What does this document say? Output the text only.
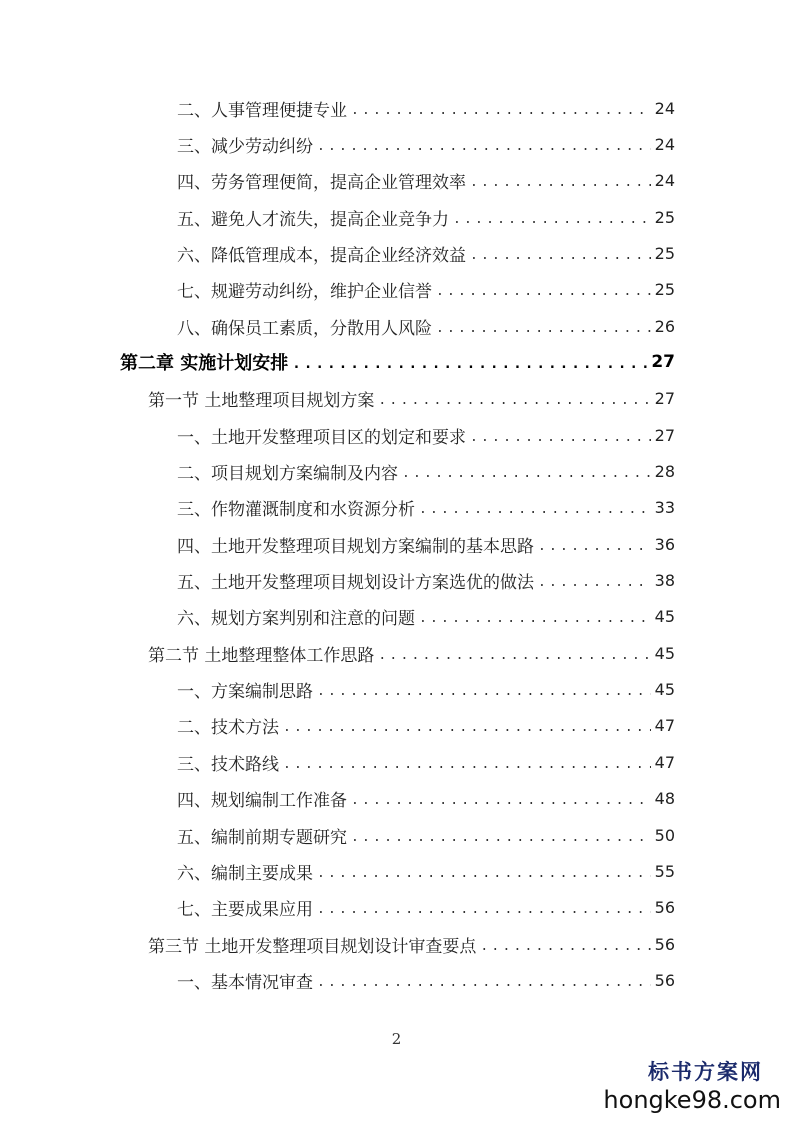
二、人事管理便捷专业 .....	24
三、减少劳动纠纷 .....	24
四、劳务管理便简，提高企业管理效率 .....	24
五、避免人才流失，提高企业竞争力 .....	25
六、降低管理成本，提高企业经济效益 .....	25
七、规避劳动纠纷，维护企业信誉 .....	25
八、确保员工素质，分散用人风险 .....	26
第二章 实施计划安排 .....	27
第一节 土地整理项目规划方案 .....	27
一、土地开发整理项目区的划定和要求 .....	27
二、项目规划方案编制及内容 .....	28
三、作物灌溉制度和水资源分析 .....	33
四、土地开发整理项目规划方案编制的基本思路 .....	36
五、土地开发整理项目规划设计方案选优的做法 .....	38
六、规划方案判别和注意的问题 .....	45
第二节 土地整理整体工作思路 .....	45
一、方案编制思路 .....	45
二、技术方法 .....	47
三、技术路线 .....	47
四、规划编制工作准备 .....	48
五、编制前期专题研究 .....	50
六、编制主要成果 .....	55
七、主要成果应用 .....	56
第三节 土地开发整理项目规划设计审查要点 .....	56
一、基本情况审查 .....	56
2
标书方案网
hongke98.com
